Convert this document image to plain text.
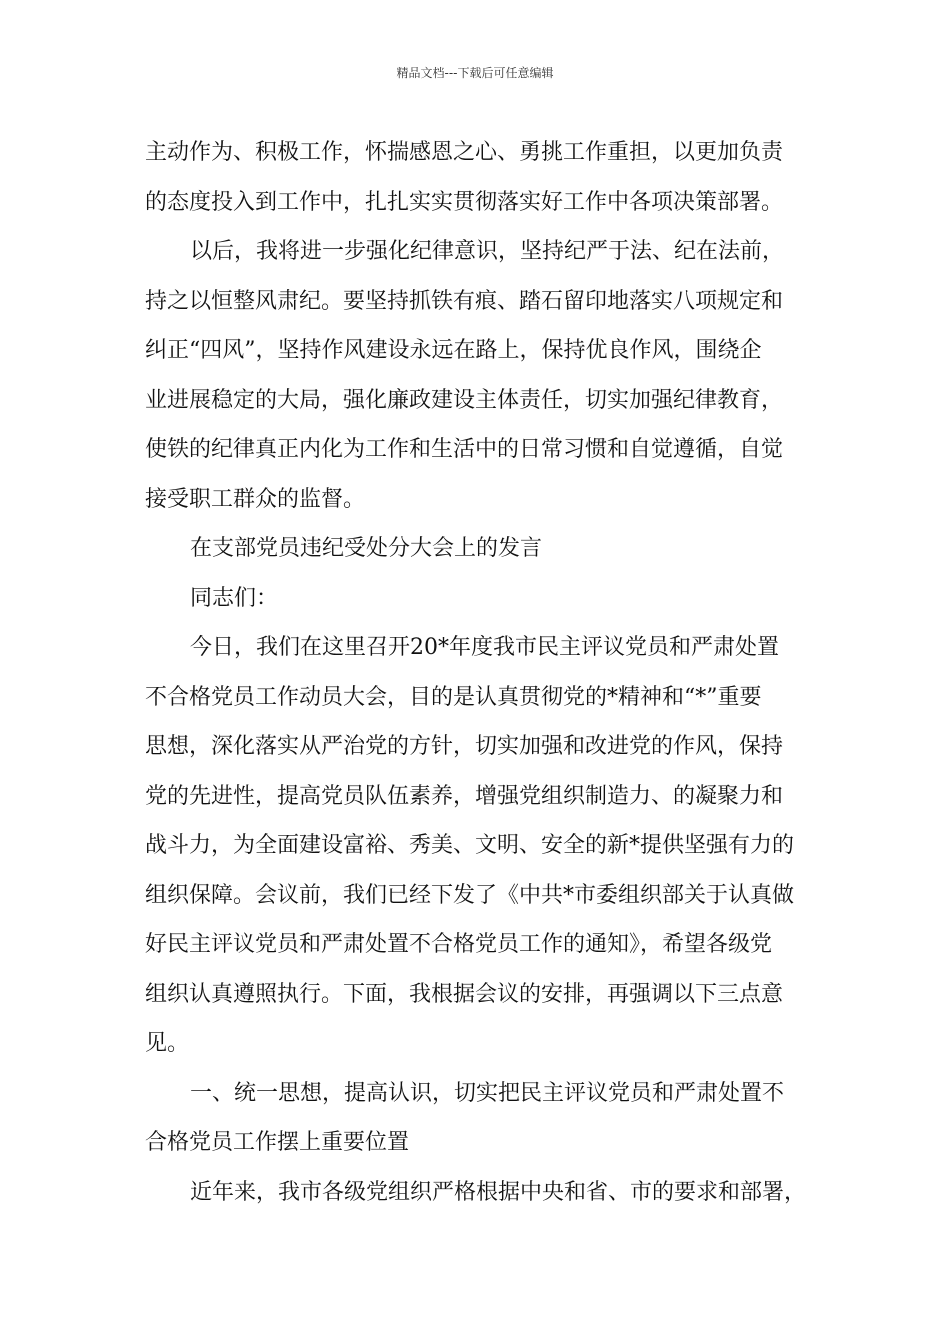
精品文档---下载后可任意编辑
主动作为、积极工作，怀揣感恩之心、勇挑工作重担，以更加负责
的态度投入到工作中，扎扎实实贯彻落实好工作中各项决策部署。
以后，我将进一步强化纪律意识，坚持纪严于法、纪在法前，
持之以恒整风肃纪。要坚持抓铁有痕、踏石留印地落实八项规定和
纠正“四风”，坚持作风建设永远在路上，保持优良作风，围绕企
业进展稳定的大局，强化廉政建设主体责任，切实加强纪律教育，
使铁的纪律真正内化为工作和生活中的日常习惯和自觉遵循，自觉
接受职工群众的监督。
在支部党员违纪受处分大会上的发言
同志们：
今日，我们在这里召开20*年度我市民主评议党员和严肃处置
不合格党员工作动员大会，目的是认真贯彻党的*精神和“*”重要
思想，深化落实从严治党的方针，切实加强和改进党的作风，保持
党的先进性，提高党员队伍素养，增强党组织制造力、的凝聚力和
战斗力，为全面建设富裕、秀美、文明、安全的新*提供坚强有力的
组织保障。会议前，我们已经下发了《中共*市委组织部关于认真做
好民主评议党员和严肃处置不合格党员工作的通知》，希望各级党
组织认真遵照执行。下面，我根据会议的安排，再强调以下三点意
见。
一、统一思想，提高认识，切实把民主评议党员和严肃处置不
合格党员工作摆上重要位置
近年来，我市各级党组织严格根据中央和省、市的要求和部署，
